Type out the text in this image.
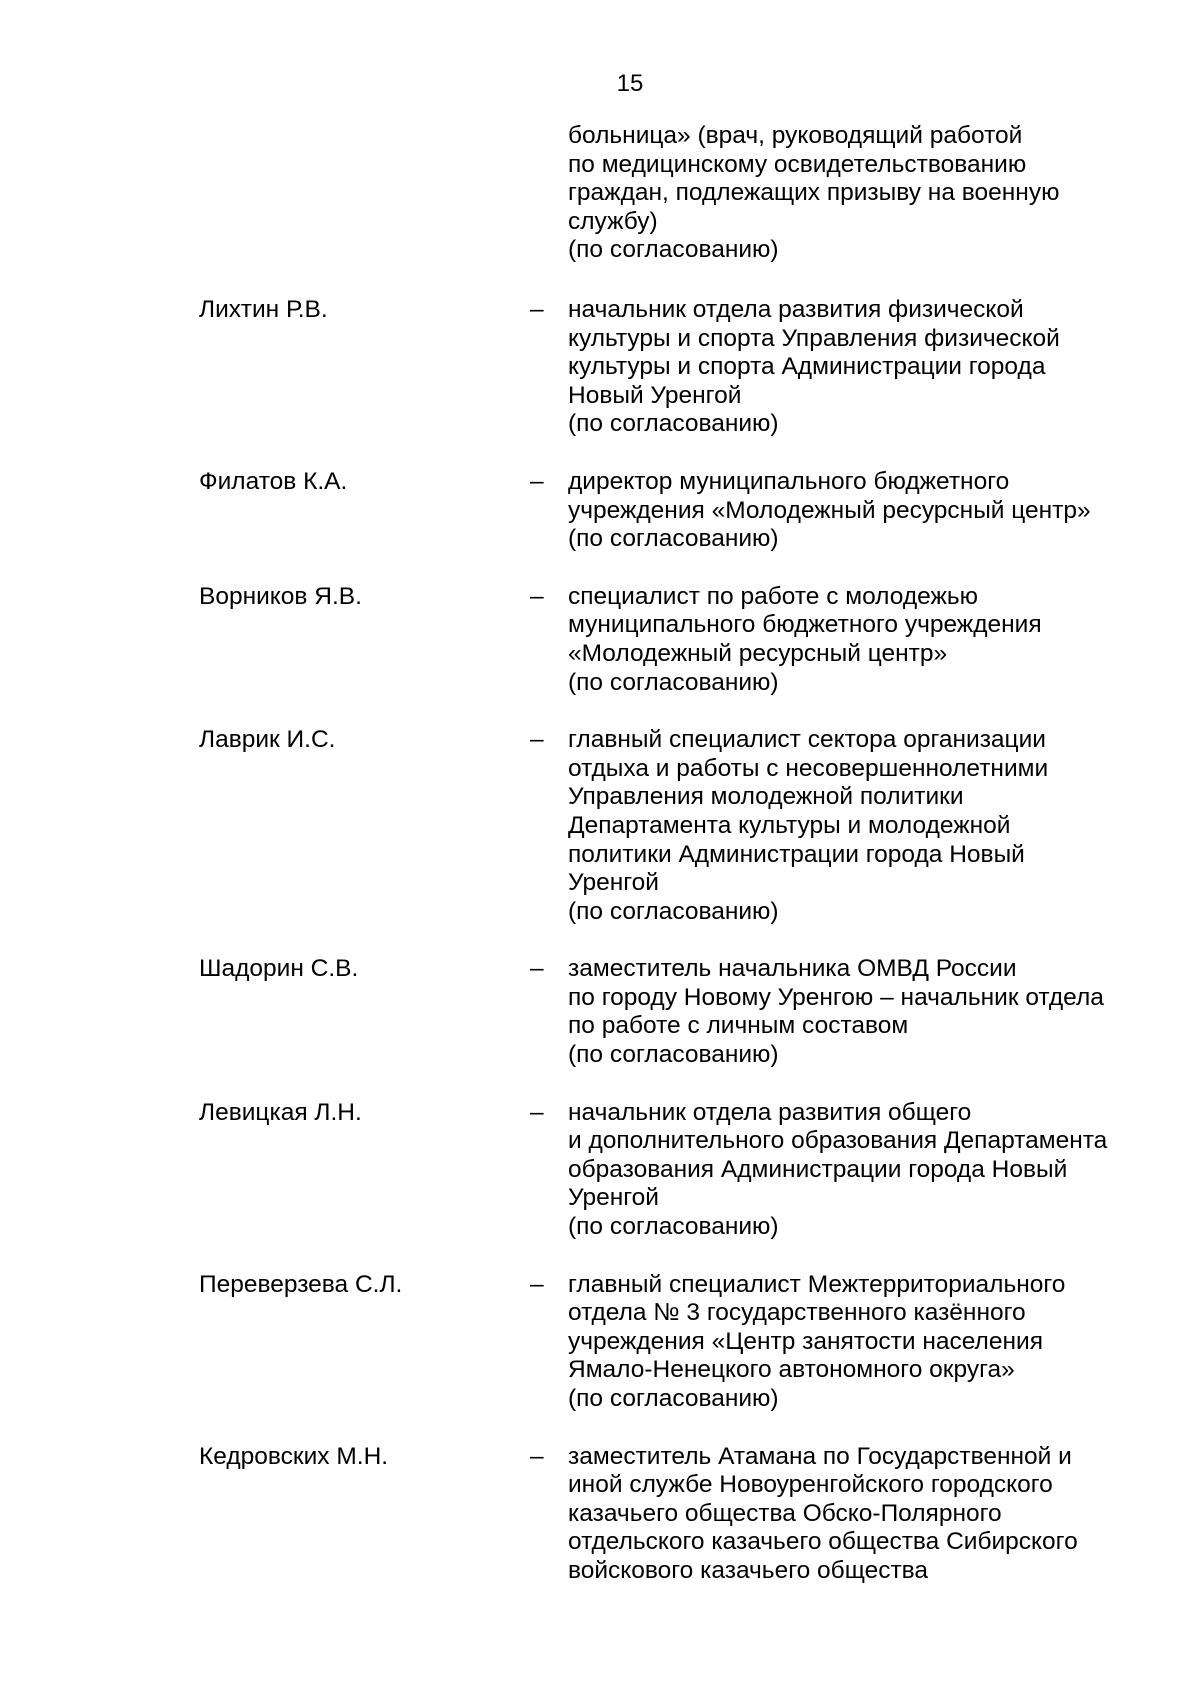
15
больница» (врач, руководящий работой
по медицинскому освидетельствованию
граждан, подлежащих призыву на военную
службу)
(по согласованию)
Лихтин Р.В.	– начальник отдела развития физической
культуры и спорта Управления физической
культуры и спорта Администрации города
Новый Уренгой
(по согласованию)
Филатов К.А.	– директор муниципального бюджетного
учреждения «Молодежный ресурсный центр»
(по согласованию)
Ворников Я.В.	– специалист по работе с молодежью
муниципального бюджетного учреждения
«Молодежный ресурсный центр»
(по согласованию)
Лаврик И.С.	– главный специалист сектора организации
отдыха и работы с несовершеннолетними
Управления молодежной политики
Департамента культуры и молодежной
политики Администрации города Новый
Уренгой
(по согласованию)
Шадорин С.В.	– заместитель начальника ОМВД России
по городу Новому Уренгою – начальник отдела
по работе с личным составом
(по согласованию)
Левицкая Л.Н.	– начальник отдела развития общего
и дополнительного образования Департамента
образования Администрации города Новый
Уренгой
(по согласованию)
Переверзева С.Л.	– главный специалист Межтерриториального
отдела № 3 государственного казённого
учреждения «Центр занятости населения
Ямало-Ненецкого автономного округа»
(по согласованию)
Кедровских М.Н.	– заместитель Атамана по Государственной и
иной службе Новоуренгойского городского
казачьего общества Обско-Полярного
отдельского казачьего общества Сибирского
войскового казачьего общества
